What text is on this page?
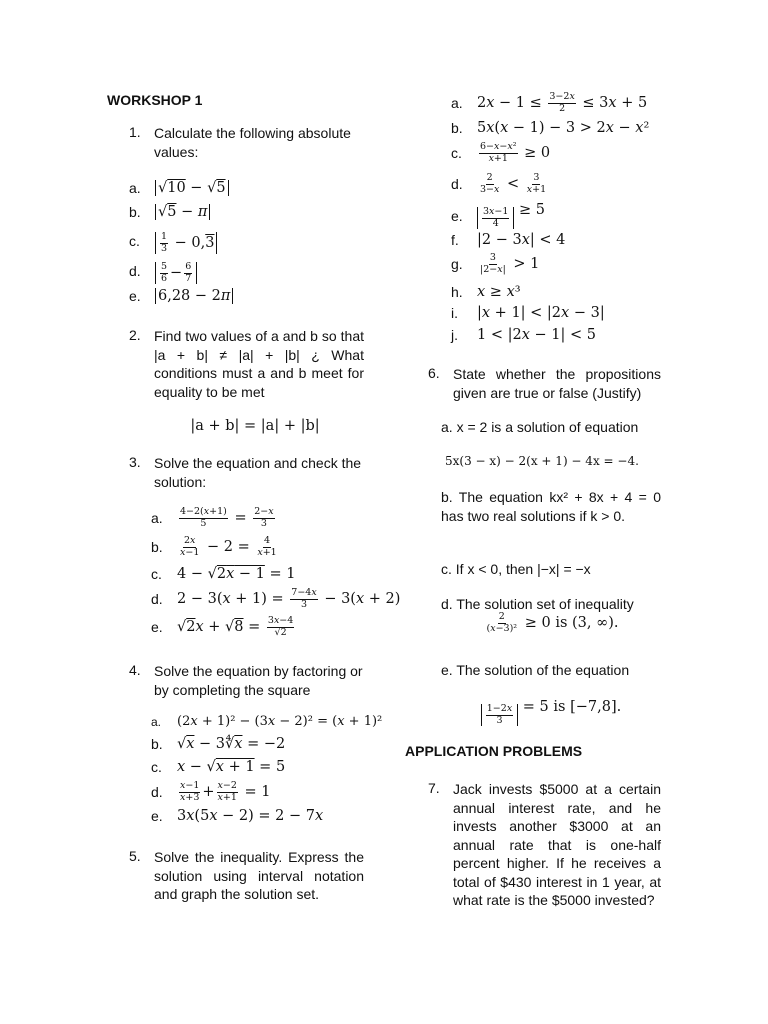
WORKSHOP 1
1. Calculate the following absolute values:
a.	√ 10 − √ 5
b.	√ 5 − π
c.	$\frac{1}{3} - 0$, 3
d.	$\frac{5}{6} - \frac{6}{7}$
e.	6,28 − 2 π
2. Find two values of a and b so that |a + b| ≠ |a| + |b| ¿ What conditions must a and b meet for equality to be met
|a + b| = |a| + |b|
3. Solve the equation and check the solution:
a.	$\frac{4-2(x+1)}{5} = \frac{2-x}{3}$
b.	$\frac{2x}{x-1} - 2 = \frac{4}{x+1}$
c.	4 − √2x − 1 = 1
d. $2 - 3(x + 1) = \frac{7-4x}{3} - 3(x + 2)$
e. $√2x + √8 = \frac{3x-4}{√2}$
4. Solve the equation by factoring or by completing the square
a.	(2x + 1)² − (3x − 2)² = (x + 1)²
b. $√x - 3∜\overline{x} = -2$
c.	x − √x + 1 = 5
d.	$\frac{x-1}{x+3} + \frac{x-2}{x+1} = 1$
e. 3x(5x − 2) = 2 − 7x
5. Solve the inequality. Express the solution using interval notation and graph the solution set.
a. $2x - 1 \le \frac{3-2x}{2} \le 3x + 5$
b. 5x(x − 1) − 3 > 2x − x²
c.	$\frac{\text{6−x−x²}}{x+1} \ge 0$
d.	$\frac{2}{3-x} < \frac{3}{x+1}$
e.	$\frac{3x-1}{4} \ge 5$
f.	|2 − 3x| < 4
g.	$\frac{3}{|2-x|} > 1$
h. x ≥ x³
i.	|x + 1| < |2x − 3|
j.	1 < |2x − 1| < 5
6. State whether the propositions given are true or false (Justify)
a. x = 2 is a solution of equation
5x(3 − x) − 2(x + 1) − 4x = −4.
b. The equation kx² + 8x + 4 = 0 has two real solutions if k > 0.
c. If x < 0, then |−x| = −x
d. The solution set of inequality
$\frac{2}{\text{(x−3)²}} \ge 0$ is (3, ∞).
e. The solution of the equation
$\frac{1-2x}{3} = 5$ is [−7,8].
APPLICATION PROBLEMS
7. Jack invests $5000 at a certain annual interest rate, and he invests another $3000 at an annual rate that is one-half percent higher. If he receives a total of $430 interest in 1 year, at what rate is the $5000 invested?
